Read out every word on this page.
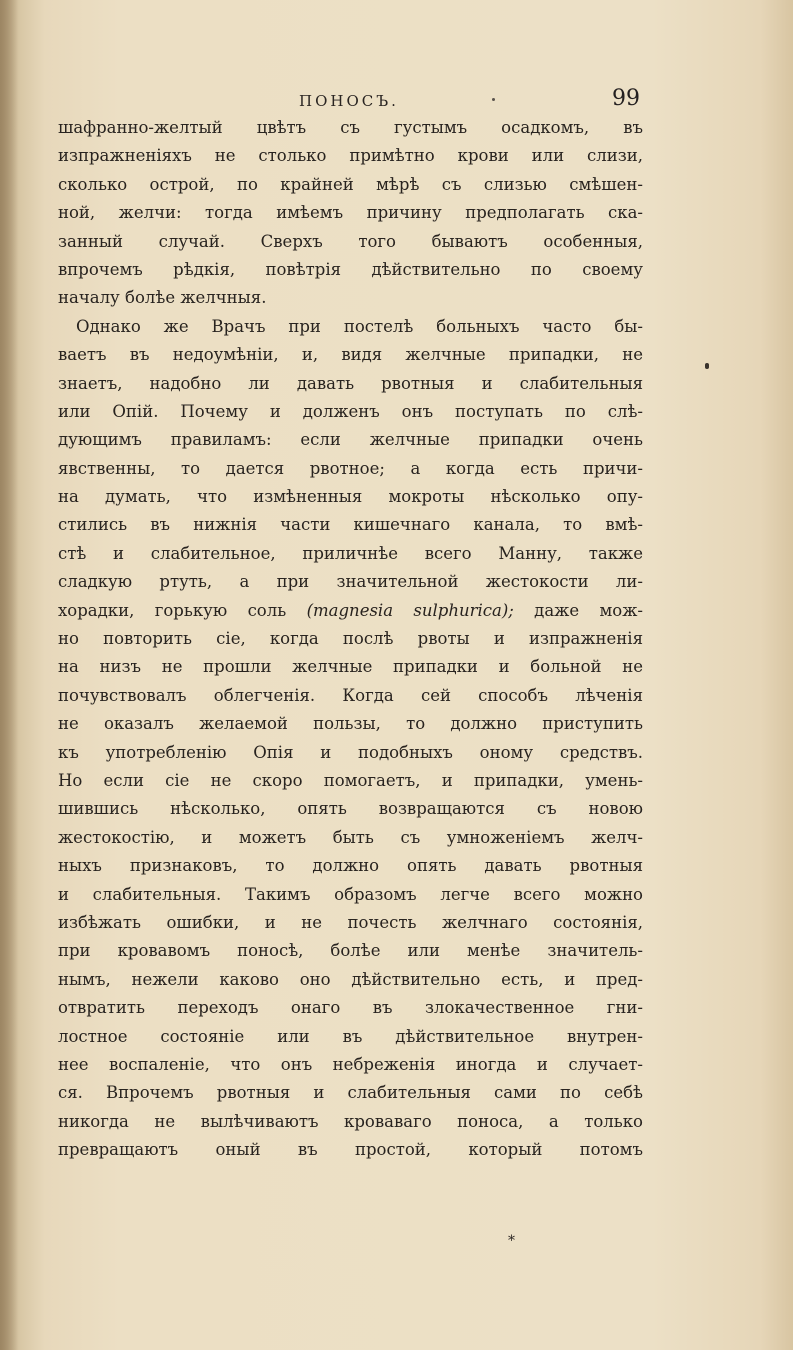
ПОНОСЪ.	99
шафранно-желтый цвѣтъ съ густымъ осадкомъ, въ
изпражненіяхъ не столько примѣтно крови или слизи,
сколько острой, по крайней мѣрѣ съ слизью смѣшен-
ной, желчи: тогда имѣемъ причину предполагать ска-
занный случай. Сверхъ того бываютъ особенныя,
впрочемъ рѣдкія, повѣтрія дѣйствительно по своему
началу болѣе желчныя.
Однако же Врачъ при постелѣ больныхъ часто бы-
ваетъ въ недоумѣніи, и, видя желчные припадки, не
знаетъ, надобно ли давать рвотныя и слабительныя
или Опій. Почему и долженъ онъ поступать по слѣ-
дующимъ правиламъ: если желчные припадки очень
явственны, то дается рвотное; а когда есть причи-
на думать, что измѣненныя мокроты нѣсколько опу-
стились въ нижнія части кишечнаго канала, то вмѣ-
стѣ и слабительное, приличнѣе всего Манну, также
сладкую ртуть, а при значительной жестокости ли-
хорадки, горькую соль (magnesia sulphurica); даже мож-
но повторить сіе, когда послѣ рвоты и изпражненія
на низъ не прошли желчные припадки и больной не
почувствовалъ облегченія. Когда сей способъ лѣченія
не оказалъ желаемой пользы, то должно приступить
къ употребленію Опія и подобныхъ оному средствъ.
Но если сіе не скоро помогаетъ, и припадки, умень-
шившись нѣсколько, опять возвращаются съ новою
жестокостію, и можетъ быть съ умноженіемъ желч-
ныхъ признаковъ, то должно опять давать рвотныя
и слабительныя. Такимъ образомъ легче всего можно
избѣжать ошибки, и не почесть желчнаго состоянія,
при кровавомъ поносѣ, болѣе или менѣе значитель-
нымъ, нежели каково оно дѣйствительно есть, и пред-
отвратить переходъ онаго въ злокачественное гни-
лостное состояніе или въ дѣйствительное внутрен-
нее воспаленіе, что онъ небреженія иногда и случает-
ся. Впрочемъ рвотныя и слабительныя сами по себѣ
никогда не вылѣчиваютъ кроваваго поноса, а только
превращаютъ оный въ простой, который потомъ
*
